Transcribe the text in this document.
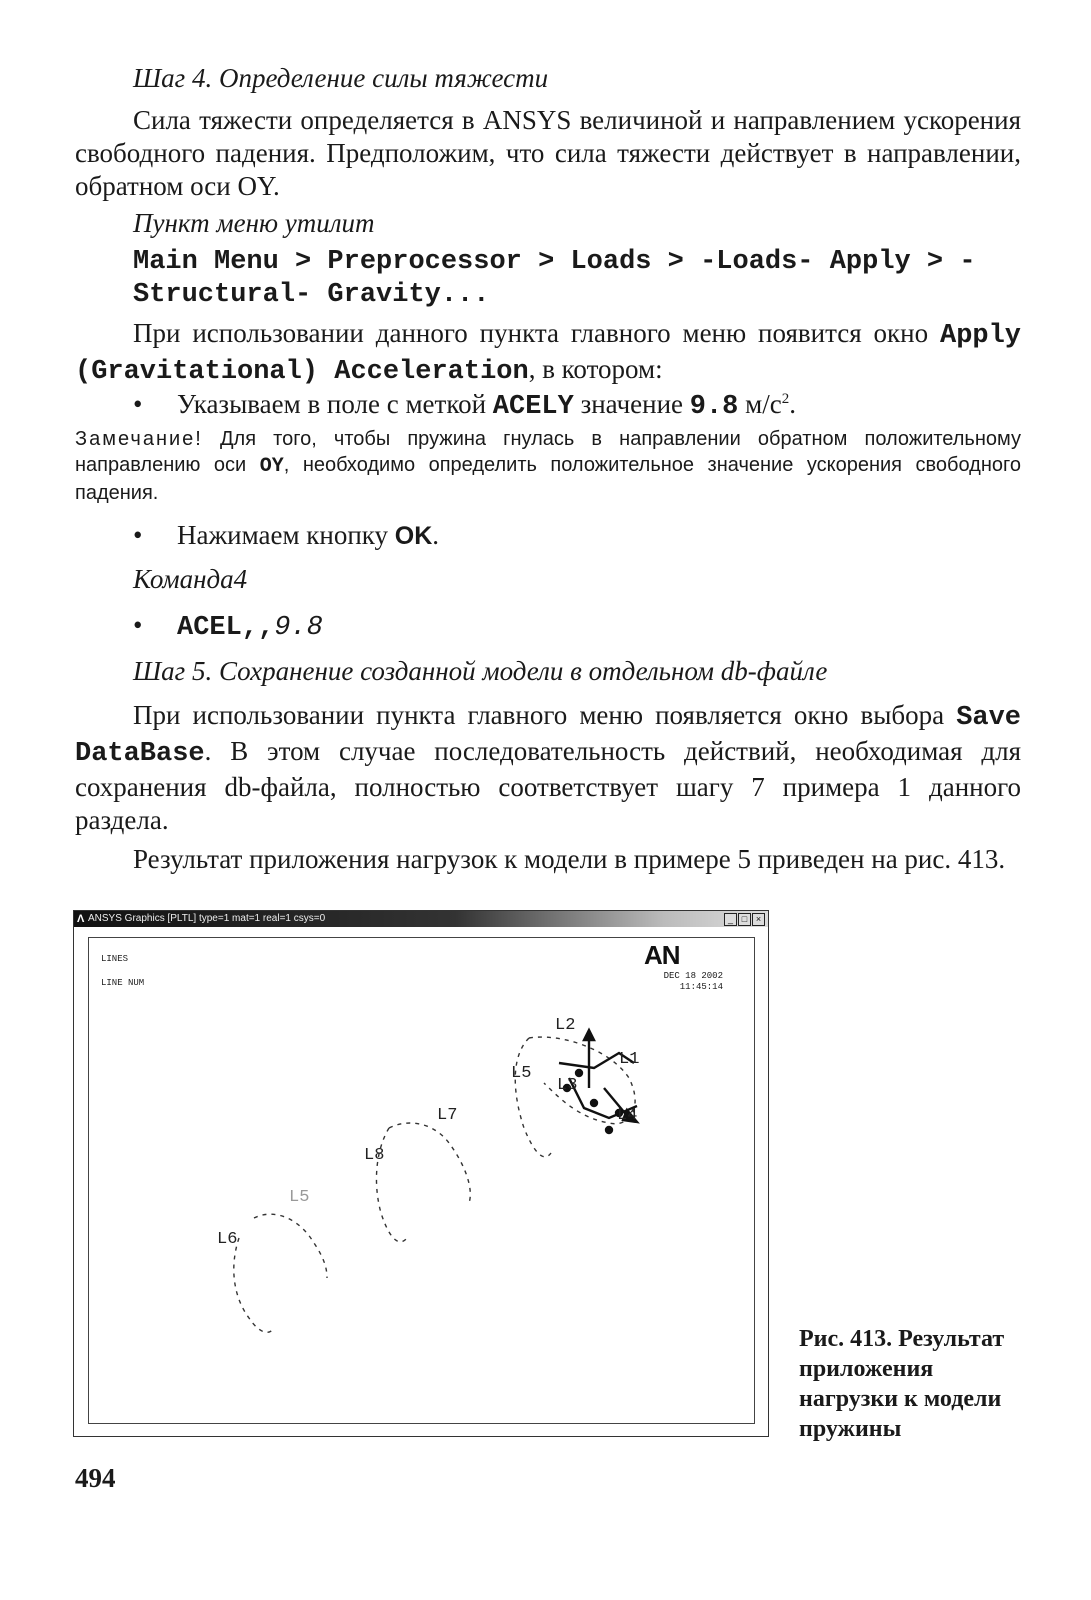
Шаг 4. Определение силы тяжести
Сила тяжести определяется в ANSYS величиной и направлением ускорения свободного падения. Предположим, что сила тяжести действует в направлении, обратном оси OY.
Пункт меню утилит
Main Menu > Preprocessor > Loads > -Loads- Apply > -Structural- Gravity...
При использовании данного пункта главного меню появится окно Apply (Gravitational) Acceleration, в котором:
• Указываем в поле с меткой ACELY значение 9.8 $м/с^2$.
Замечание! Для того, чтобы пружина гнулась в направлении обратном положительному направлению оси OY, необходимо определить положительное значение ускорения свободного падения.
• Нажимаем кнопку OK.
Команда4
• ACEL,,9.8
Шаг 5. Сохранение созданной модели в отдельном db-файле
При использовании пункта главного меню появляется окно выбора Save DataBase. В этом случае последовательность действий, необходимая для сохранения db-файла, полностью соответствует шагу 7 примера 1 данного раздела.
Результат приложения нагрузок к модели в примере 5 приведен на рис. 413.
Λ ANSYS Graphics [PLTL] type=1 mat=1 real=1 csys=0	_ □ ×
LINES
LINE NUM
AN
DEC 18 2002
11:45:14
L2
L1
L5
L3
L4
L7
L8
L5
L6
Рис. 413. Результат приложения нагрузки к модели пружины
494
